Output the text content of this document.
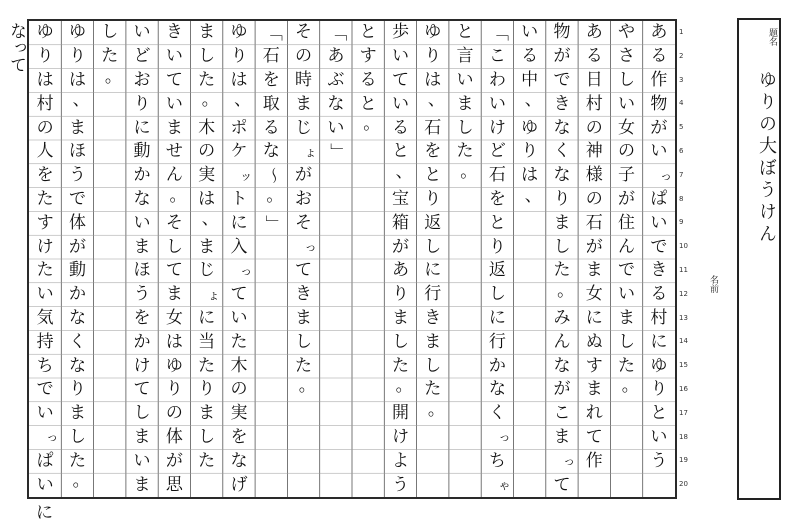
あ
る
作
物
が
い
っ
ぱ
い
で
き
る
村
に
ゆ
り
と
い
う
や
さ
し
い
女
の
子
が
住
ん
で
い
ま
し
た
。
あ
る
日
村
の
神
様
の
石
が
ま
女
に
ぬ
す
ま
れ
て
作
物
が
で
き
な
く
な
り
ま
し
た
。
み
ん
な
が
こ
ま
っ
て
い
る
中
、
ゆ
り
は
、
「
こ
わ
い
け
ど
石
を
と
り
返
し
に
行
か
な
く
っ
ち
ゃ
と
言
い
ま
し
た
。
ゆ
り
は
、
石
を
と
り
返
し
に
行
き
ま
し
た
。
歩
い
て
い
る
と
、
宝
箱
が
あ
り
ま
し
た
。
開
け
よ
う
と
す
る
と
。
「
あ
ぶ
な
い
」
そ
の
時
ま
じ
ょ
が
お
そ
っ
て
き
ま
し
た
。
「
石
を
取
る
な
～
。
」
ゆ
り
は
、
ポ
ケ
ッ
ト
に
入
っ
て
い
た
木
の
実
を
な
げ
ま
し
た
。
木
の
実
は
、
ま
じ
ょ
に
当
た
り
ま
し
た
き
い
て
い
ま
せ
ん
。
そ
し
て
ま
女
は
ゆ
り
の
体
が
思
い
ど
お
り
に
動
か
な
い
ま
ほ
う
を
か
け
て
し
ま
い
ま
し
た
。
ゆ
り
は
、
ま
ほ
う
で
体
が
動
か
な
く
な
り
ま
し
た
。
ゆ
り
は
村
の
人
を
た
す
け
た
い
気
持
ち
で
い
っ
ぱ
い
1
2
3
4
5
6
7
8
9
10
11
12
13
14
15
16
17
18
19
20
名前
題名
ゆりの大ぼうけん
なって
に
